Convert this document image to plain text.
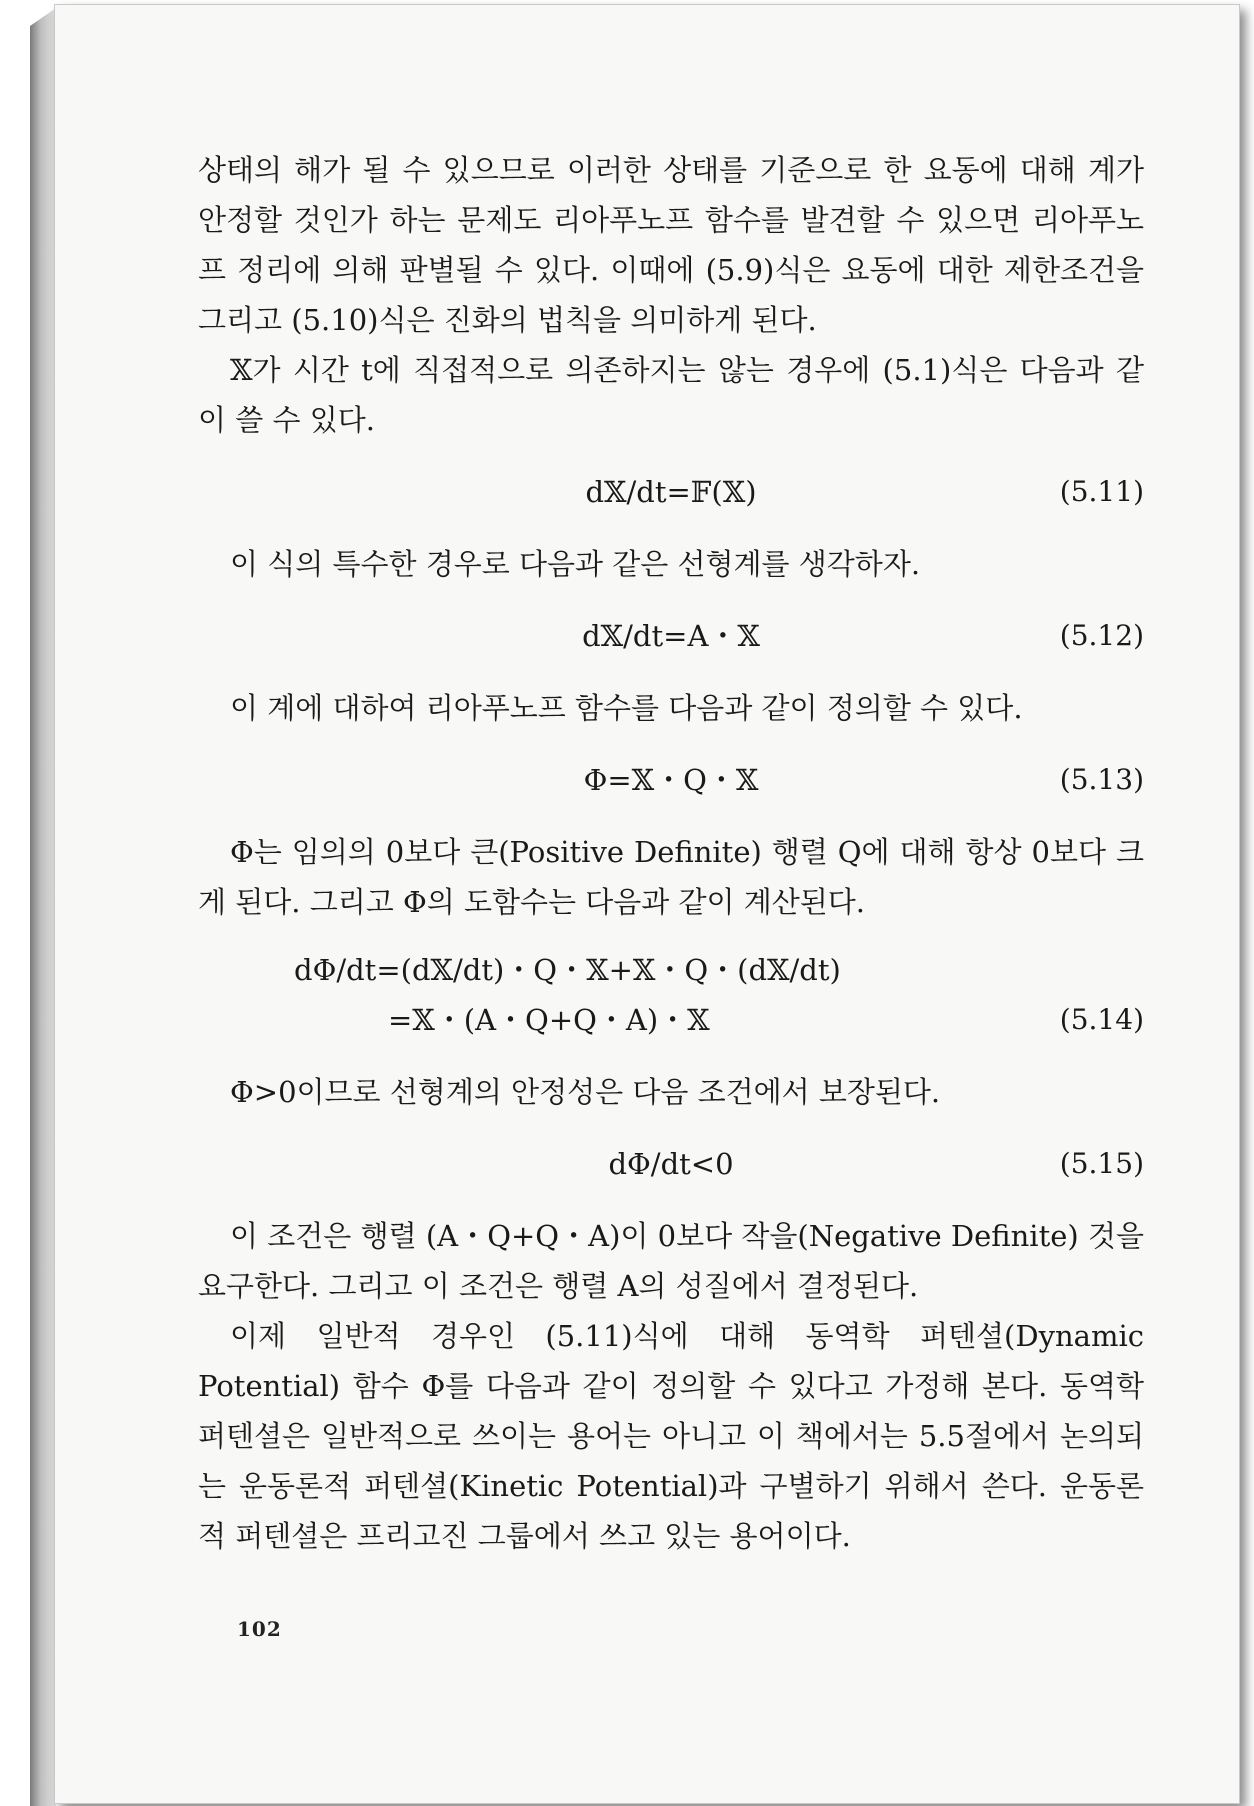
상태의 해가 될 수 있으므로 이러한 상태를 기준으로 한 요동에 대해 계가 안정할 것인가 하는 문제도 리아푸노프 함수를 발견할 수 있으면 리아푸노프 정리에 의해 판별될 수 있다. 이때에 (5.9)식은 요동에 대한 제한조건을 그리고 (5.10)식은 진화의 법칙을 의미하게 된다.

𝕏가 시간 t에 직접적으로 의존하지는 않는 경우에 (5.1)식은 다음과 같이 쓸 수 있다.

d𝕏/dt=𝔽(𝕏)	(5.11)

이 식의 특수한 경우로 다음과 같은 선형계를 생각하자.

d𝕏/dt=A・𝕏	(5.12)

이 계에 대하여 리아푸노프 함수를 다음과 같이 정의할 수 있다.

Φ=𝕏・Q・𝕏	(5.13)

Φ는 임의의 0보다 큰(Positive Definite) 행렬 Q에 대해 항상 0보다 크게 된다. 그리고 Φ의 도함수는 다음과 같이 계산된다.

dΦ/dt=(d𝕏/dt)・Q・𝕏+𝕏・Q・(d𝕏/dt)
=𝕏・(A・Q+Q・A)・𝕏	(5.14)

Φ>0이므로 선형계의 안정성은 다음 조건에서 보장된다.

dΦ/dt<0	(5.15)

이 조건은 행렬 (A・Q+Q・A)이 0보다 작을(Negative Definite) 것을 요구한다. 그리고 이 조건은 행렬 A의 성질에서 결정된다.

이제 일반적 경우인 (5.11)식에 대해 동역학 퍼텐셜(Dynamic Potential) 함수 Φ를 다음과 같이 정의할 수 있다고 가정해 본다. 동역학 퍼텐셜은 일반적으로 쓰이는 용어는 아니고 이 책에서는 5.5절에서 논의되는 운동론적 퍼텐셜(Kinetic Potential)과 구별하기 위해서 쓴다. 운동론적 퍼텐셜은 프리고진 그룹에서 쓰고 있는 용어이다.

102
